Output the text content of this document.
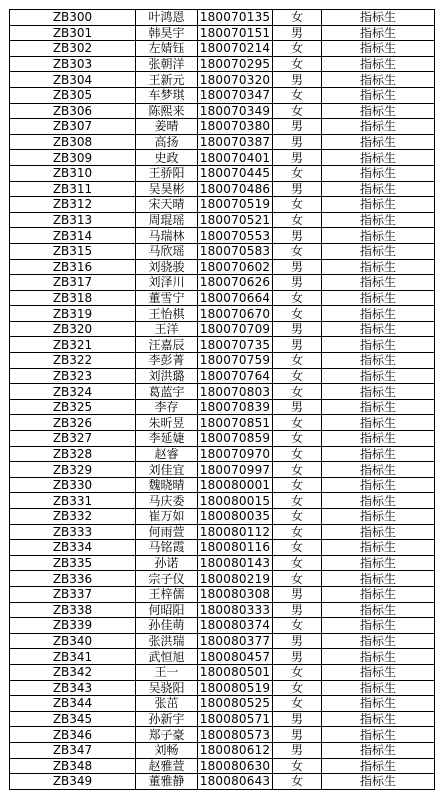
ZB300	叶鸿恩	180070135	女	指标生
ZB301	韩昊宇	180070151	男	指标生
ZB302	左婧钰	180070214	女	指标生
ZB303	张朝洋	180070295	女	指标生
ZB304	王新元	180070320	男	指标生
ZB305	车梦琪	180070347	女	指标生
ZB306	陈熙来	180070349	女	指标生
ZB307	姜晴	180070380	男	指标生
ZB308	高扬	180070387	男	指标生
ZB309	史政	180070401	男	指标生
ZB310	王骄阳	180070445	女	指标生
ZB311	吴昊彬	180070486	男	指标生
ZB312	宋天晴	180070519	女	指标生
ZB313	周琨瑶	180070521	女	指标生
ZB314	马瑞林	180070553	男	指标生
ZB315	马欣瑶	180070583	女	指标生
ZB316	刘骁骏	180070602	男	指标生
ZB317	刘泽川	180070626	男	指标生
ZB318	董雪宁	180070664	女	指标生
ZB319	王怡棋	180070670	女	指标生
ZB320	王洋	180070709	男	指标生
ZB321	汪嘉辰	180070735	男	指标生
ZB322	李彭菁	180070759	女	指标生
ZB323	刘洪璐	180070764	女	指标生
ZB324	葛蓝宇	180070803	女	指标生
ZB325	李存	180070839	男	指标生
ZB326	朱昕昱	180070851	女	指标生
ZB327	李延婕	180070859	女	指标生
ZB328	赵睿	180070970	女	指标生
ZB329	刘佳宜	180070997	女	指标生
ZB330	魏晓晴	180080001	女	指标生
ZB331	马庆委	180080015	女	指标生
ZB332	崔万如	180080035	女	指标生
ZB333	何雨萱	180080112	女	指标生
ZB334	马铭霞	180080116	女	指标生
ZB335	孙诺	180080143	女	指标生
ZB336	宗子仪	180080219	女	指标生
ZB337	王梓儒	180080308	男	指标生
ZB338	何昭阳	180080333	男	指标生
ZB339	孙佳萌	180080374	女	指标生
ZB340	张洪瑞	180080377	男	指标生
ZB341	武恒旭	180080457	男	指标生
ZB342	王一	180080501	女	指标生
ZB343	吴骁阳	180080519	女	指标生
ZB344	张茁	180080525	女	指标生
ZB345	孙新宇	180080571	男	指标生
ZB346	郑子豪	180080573	男	指标生
ZB347	刘畅	180080612	男	指标生
ZB348	赵雅萱	180080630	女	指标生
ZB349	董雅静	180080643	女	指标生
